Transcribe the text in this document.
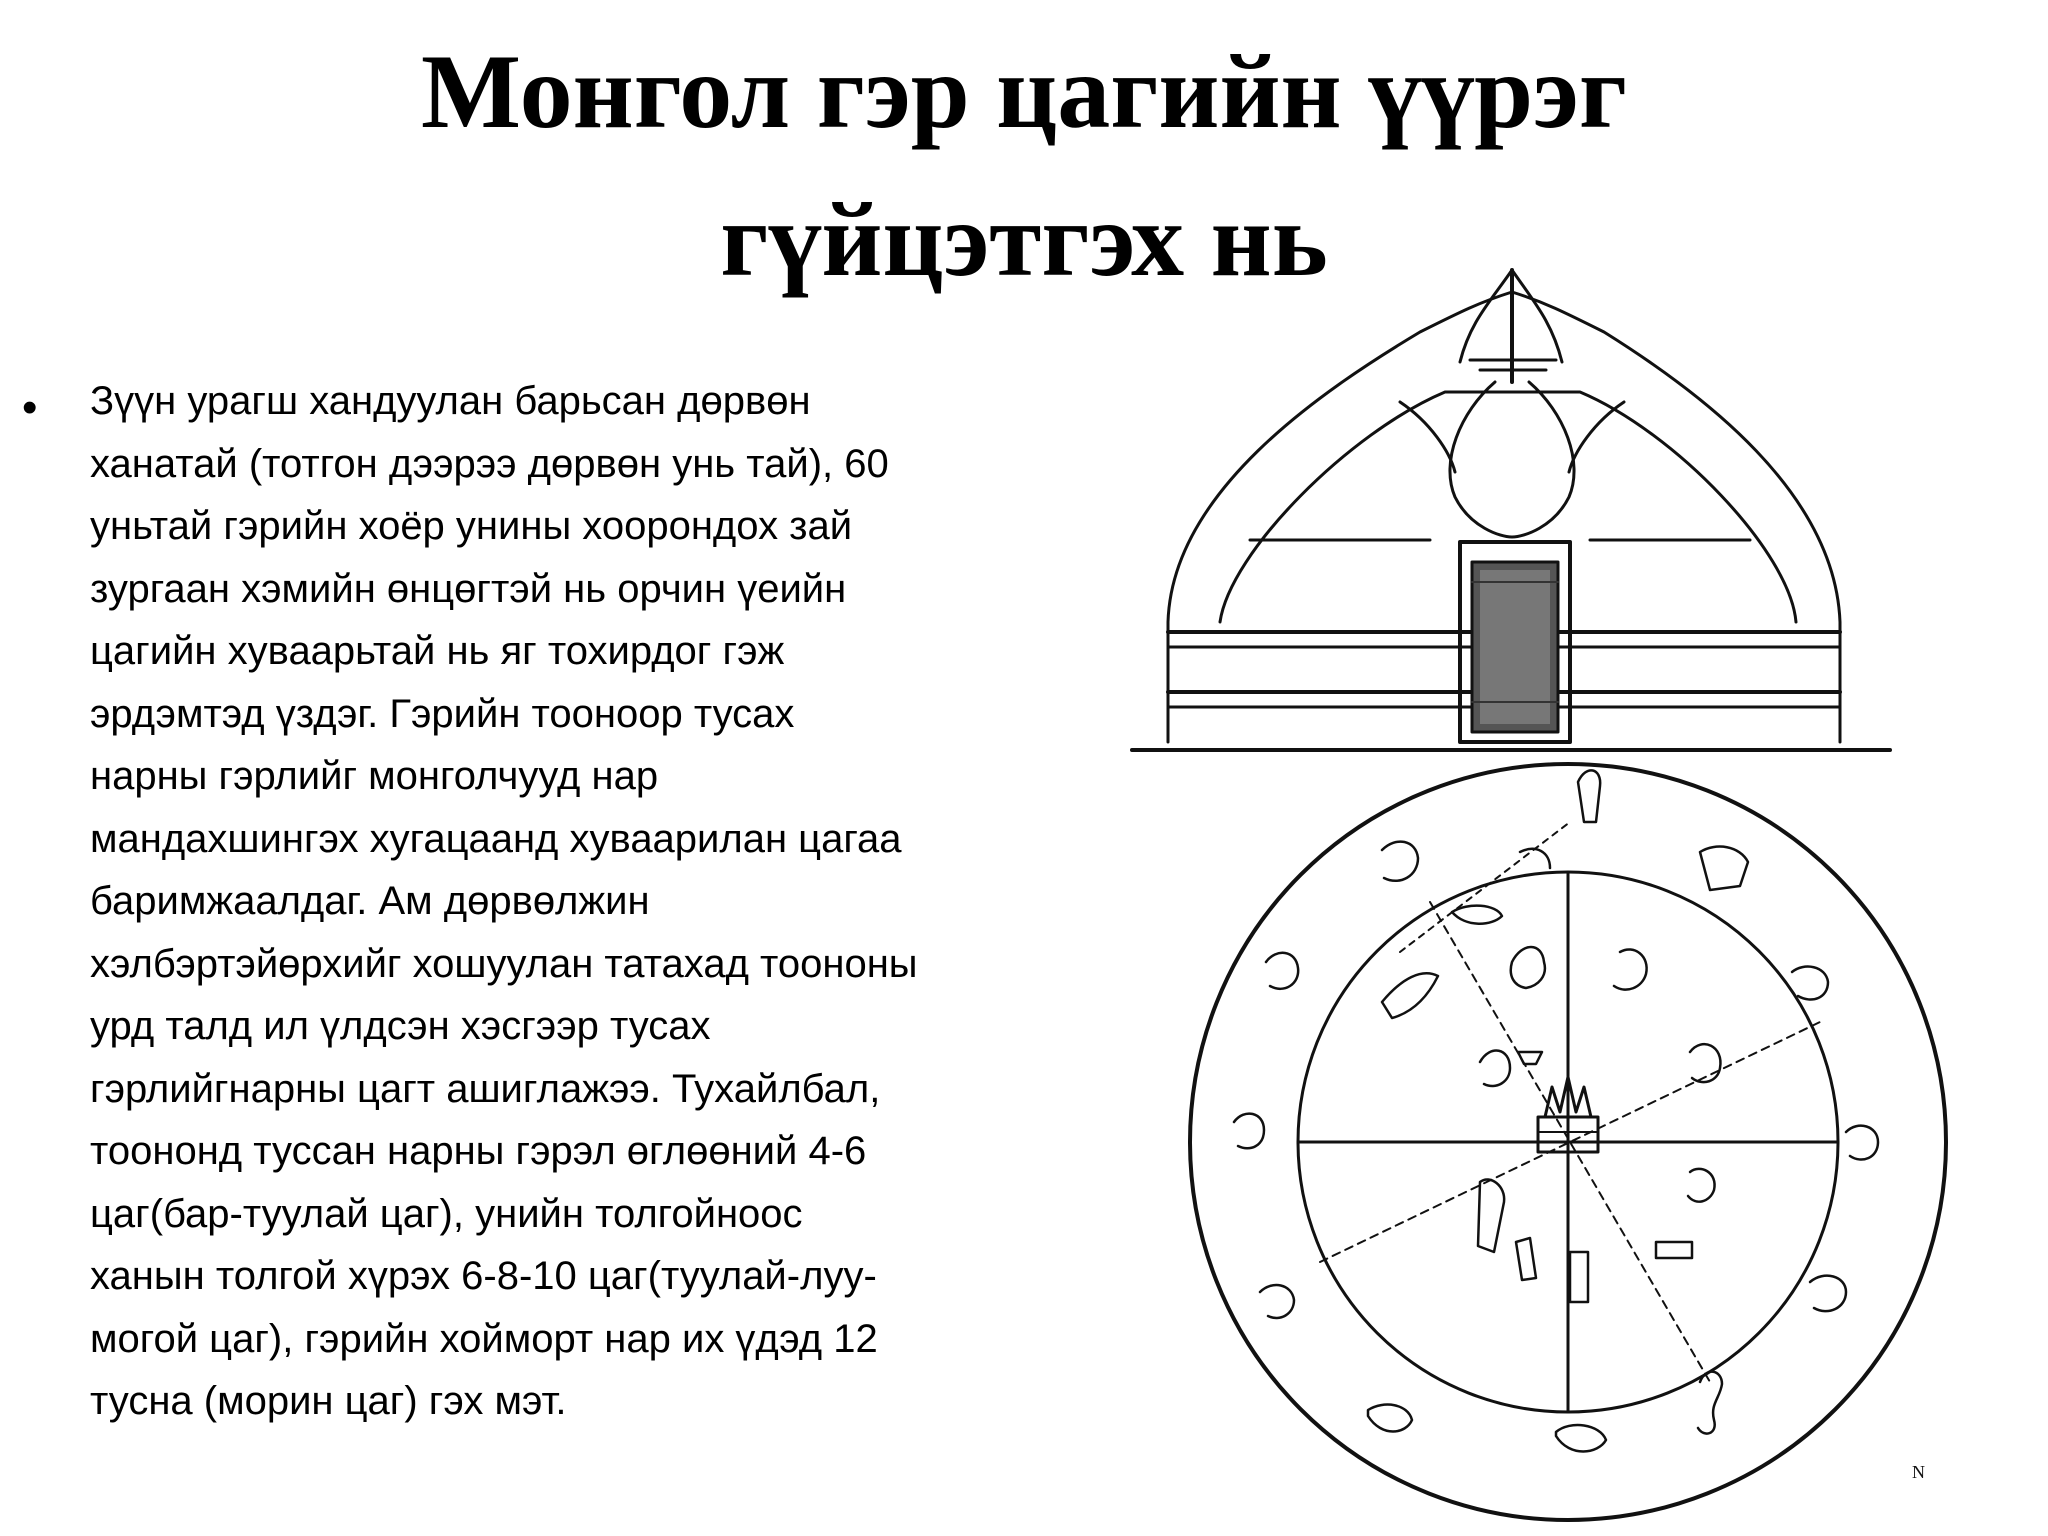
Монгол гэр цагийн үүрэг
гүйцэтгэх нь
• Зүүн урагш хандуулан барьсан дөрвөн
ханатай (тотгон дээрээ дөрвөн унь тай), 60
уньтай гэрийн хоёр унины хоорондох зай
зургаан хэмийн өнцөгтэй нь орчин үеийн
цагийн хуваарьтай нь яг тохирдог гэж
эрдэмтэд үздэг. Гэрийн тооноор тусах
нарны гэрлийг монголчууд нар
мандахшингэх хугацаанд хуваарилан цагаа
баримжаалдаг. Ам дөрвөлжин
хэлбэртэйөрхийг хошуулан татахад тоононы
урд талд ил үлдсэн хэсгээр тусах
гэрлийгнарны цагт ашиглажээ. Тухайлбал,
тоононд туссан нарны гэрэл өглөөний 4-6
цаг(бар-туулай цаг), унийн толгойноос
ханын толгой хүрэх 6-8-10 цаг(туулай-луу-
могой цаг), гэрийн хойморт нар их үдэд 12
тусна (морин цаг) гэх мэт.
N
